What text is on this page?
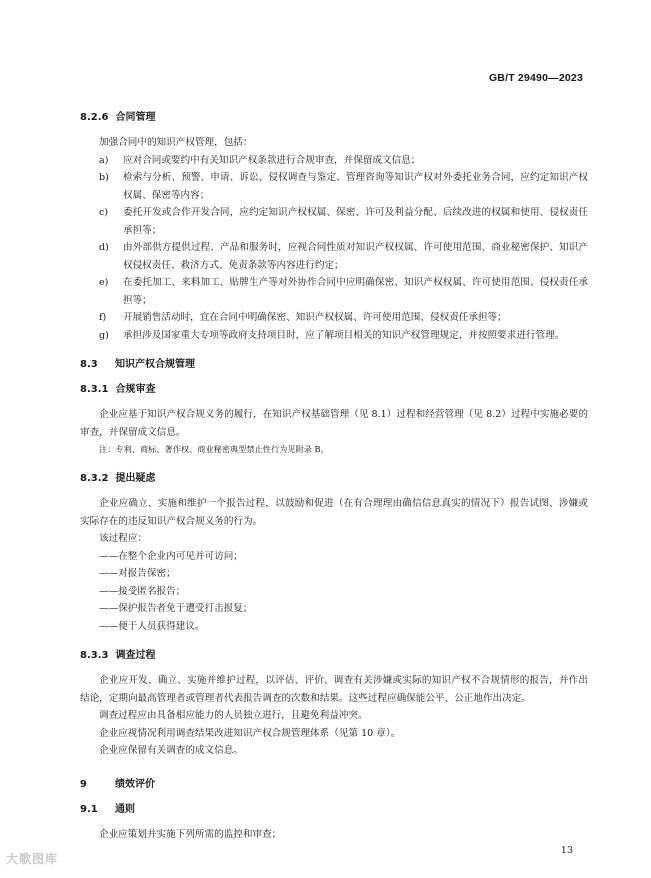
GB/T 29490—2023
8.2.6 合同管理

加强合同中的知识产权管理，包括：

a)	应对合同或要约中有关知识产权条款进行合规审查，并保留成文信息；
b)	检索与分析、预警、申请、诉讼、侵权调查与鉴定、管理咨询等知识产权对外委托业务合同，应约定知识产权权属、保密等内容；
c)	委托开发或合作开发合同，应约定知识产权权属、保密、许可及利益分配、后续改进的权属和使用、侵权责任承担等；
d)	由外部供方提供过程、产品和服务时，应视合同性质对知识产权权属、许可使用范围、商业秘密保护、知识产权侵权责任、救济方式、免责条款等内容进行约定；
e)	在委托加工、来料加工、贴牌生产等对外协作合同中应明确保密、知识产权权属、许可使用范围、侵权责任承担等；
f)	开展销售活动时，宜在合同中明确保密、知识产权权属、许可使用范围、侵权责任承担等；
g)	承担涉及国家重大专项等政府支持项目时，应了解项目相关的知识产权管理规定，并按照要求进行管理。
8.3 知识产权合规管理
8.3.1 合规审查

企业应基于知识产权合规义务的履行，在知识产权基础管理（见 8.1）过程和经营管理（见 8.2）过程中实施必要的审查，并保留成文信息。

注：专利、商标、著作权、商业秘密典型禁止性行为见附录 B。
8.3.2 提出疑虑

企业应确立、实施和维护一个报告过程，以鼓励和促进（在有合理理由确信信息真实的情况下）报告试图、涉嫌或实际存在的违反知识产权合规义务的行为。

该过程应：

——在整个企业内可见并可访问；
——对报告保密；
——接受匿名报告；
——保护报告者免于遭受打击报复；
——便于人员获得建议。
8.3.3 调查过程

企业应开发、确立、实施并维护过程，以评估、评价、调查有关涉嫌或实际的知识产权不合规情形的报告，并作出结论，定期向最高管理者或管理者代表报告调查的次数和结果。这些过程应确保能公平、公正地作出决定。

调查过程应由具备相应能力的人员独立进行，且避免利益冲突。

企业应视情况利用调查结果改进知识产权合规管理体系（见第 10 章）。

企业应保留有关调查的成文信息。

9	绩效评价
9.1 通则

企业应策划并实施下列所需的监控和审查；

13
大歌图库
